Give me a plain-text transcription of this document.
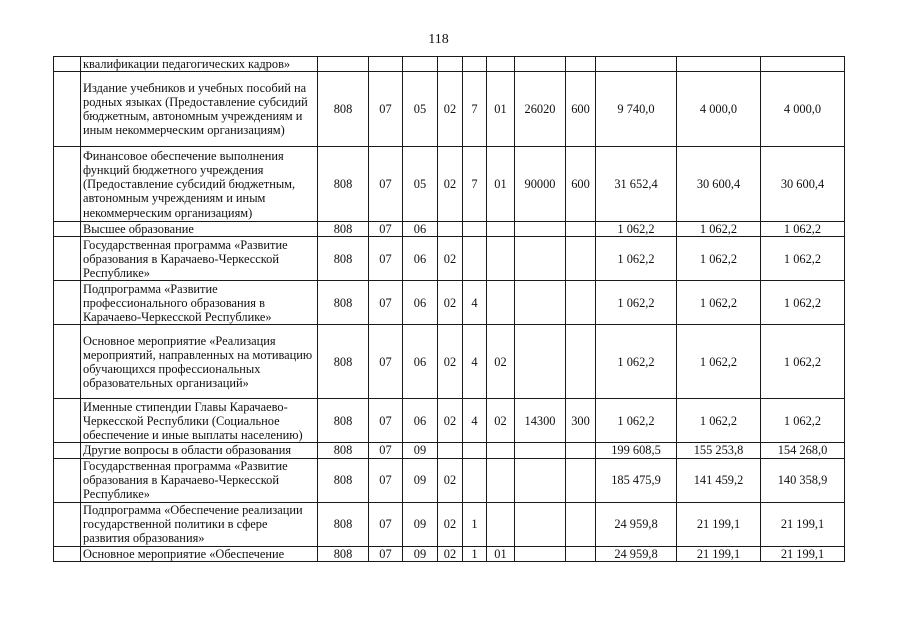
118
	квалификации педагогических кадров»											
	Издание учебников и учебных пособий на родных языках (Предоставление субсидий бюджетным, автономным учреждениям и иным некоммерческим организациям)	808	07	05	02	7	01	26020	600	9 740,0	4 000,0	4 000,0
	Финансовое обеспечение выполнения функций бюджетного учреждения (Предоставление субсидий бюджетным, автономным учреждениям и иным некоммерческим организациям)	808	07	05	02	7	01	90000	600	31 652,4	30 600,4	30 600,4
	Высшее образование	808	07	06						1 062,2	1 062,2	1 062,2
	Государственная программа «Развитие образования в Карачаево-Черкесской Республике»	808	07	06	02					1 062,2	1 062,2	1 062,2
	Подпрограмма «Развитие профессионального образования в Карачаево-Черкесской Республике»	808	07	06	02	4				1 062,2	1 062,2	1 062,2
	Основное мероприятие «Реализация мероприятий, направленных на мотивацию обучающихся профессиональных образовательных организаций»	808	07	06	02	4	02			1 062,2	1 062,2	1 062,2
	Именные стипендии Главы Карачаево-Черкесской Республики (Социальное обеспечение и иные выплаты населению)	808	07	06	02	4	02	14300	300	1 062,2	1 062,2	1 062,2
	Другие вопросы в области образования	808	07	09						199 608,5	155 253,8	154 268,0
	Государственная программа «Развитие образования в Карачаево-Черкесской Республике»	808	07	09	02					185 475,9	141 459,2	140 358,9
	Подпрограмма «Обеспечение реализации государственной политики в сфере развития образования»	808	07	09	02	1				24 959,8	21 199,1	21 199,1
	Основное мероприятие «Обеспечение	808	07	09	02	1	01			24 959,8	21 199,1	21 199,1
